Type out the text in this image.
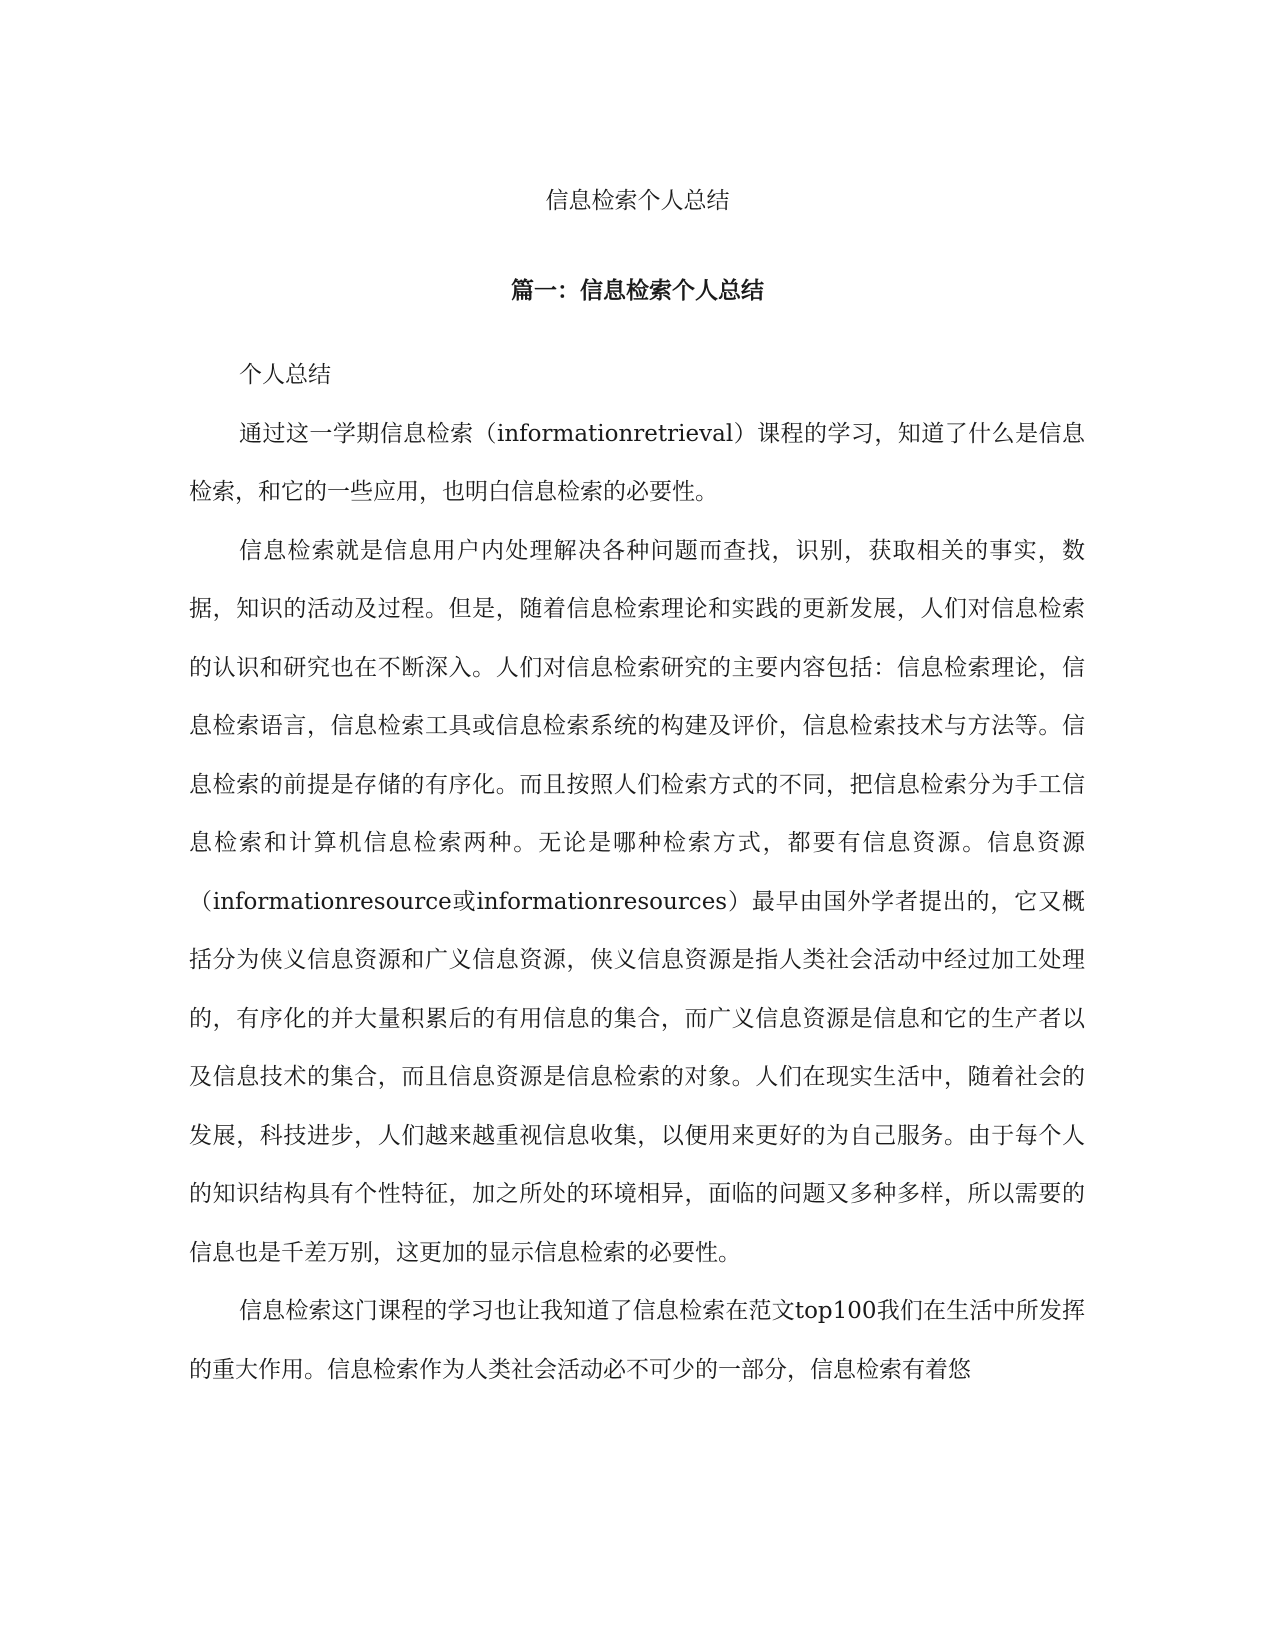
信息检索个人总结
篇一：信息检索个人总结

个人总结

通过这一学期信息检索（informationretrieval）课程的学习，知道了什么是信息检索，和它的一些应用，也明白信息检索的必要性。

信息检索就是信息用户内处理解决各种问题而查找，识别，获取相关的事实，数据，知识的活动及过程。但是，随着信息检索理论和实践的更新发展，人们对信息检索的认识和研究也在不断深入。人们对信息检索研究的主要内容包括：信息检索理论，信息检索语言，信息检索工具或信息检索系统的构建及评价，信息检索技术与方法等。信息检索的前提是存储的有序化。而且按照人们检索方式的不同，把信息检索分为手工信息检索和计算机信息检索两种。无论是哪种检索方式，都要有信息资源。信息资源（informationresource或informationresources）最早由国外学者提出的，它又概括分为侠义信息资源和广义信息资源，侠义信息资源是指人类社会活动中经过加工处理的，有序化的并大量积累后的有用信息的集合，而广义信息资源是信息和它的生产者以及信息技术的集合，而且信息资源是信息检索的对象。人们在现实生活中，随着社会的发展，科技进步，人们越来越重视信息收集，以便用来更好的为自己服务。由于每个人的知识结构具有个性特征，加之所处的环境相异，面临的问题又多种多样，所以需要的信息也是千差万别，这更加的显示信息检索的必要性。

信息检索这门课程的学习也让我知道了信息检索在范文top100我们在生活中所发挥的重大作用。信息检索作为人类社会活动必不可少的一部分，信息检索有着悠
